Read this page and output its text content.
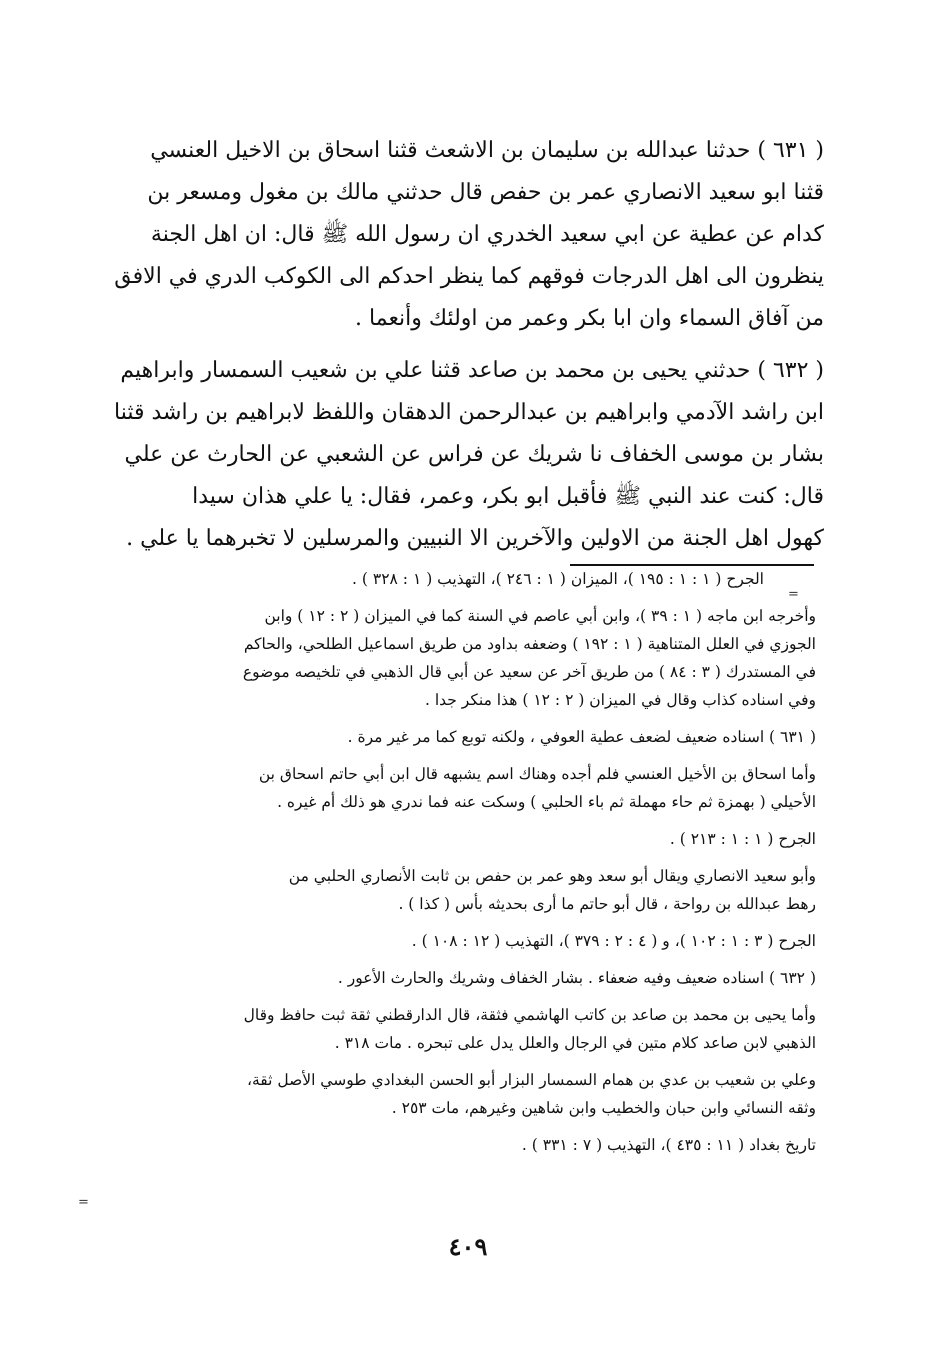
( ٦٣١ ) حدثنا عبدالله بن سليمان بن الاشعث قثنا اسحاق بن الاخيل العنسي
قثنا ابو سعيد الانصاري عمر بن حفص قال حدثني مالك بن مغول ومسعر بن
كدام عن عطية عن ابي سعيد الخدري ان رسول الله ﷺ قال: ان اهل الجنة
ينظرون الى اهل الدرجات فوقهم كما ينظر احدكم الى الكوكب الدري في الافق
من آفاق السماء وان ابا بكر وعمر من اولئك وأنعما .
( ٦٣٢ ) حدثني يحيى بن محمد بن صاعد قثنا علي بن شعيب السمسار وابراهيم
ابن راشد الآدمي وابراهيم بن عبدالرحمن الدهقان واللفظ لابراهيم بن راشد قثنا
بشار بن موسى الخفاف نا شريك عن فراس عن الشعبي عن الحارث عن علي
قال: كنت عند النبي ﷺ فأقبل ابو بكر، وعمر، فقال: يا علي هذان سيدا
كهول اهل الجنة من الاولين والآخرين الا النبيين والمرسلين لا تخبرهما يا علي .
=
=
الجرح ( ١ : ١ : ١٩٥ )، الميزان ( ١ : ٢٤٦ )، التهذيب ( ١ : ٣٢٨ ) .
وأخرجه ابن ماجه ( ١ : ٣٩ )، وابن أبي عاصم في السنة كما في الميزان ( ٢ : ١٢ ) وابن
الجوزي في العلل المتناهية ( ١ : ١٩٢ ) وضعفه بداود من طريق اسماعيل الطلحي، والحاكم
في المستدرك ( ٣ : ٨٤ ) من طريق آخر عن سعيد عن أبي قال الذهبي في تلخيصه موضوع
وفي اسناده كذاب وقال في الميزان ( ٢ : ١٢ ) هذا منكر جدا .
( ٦٣١ ) اسناده ضعيف لضعف عطية العوفي ، ولكنه توبع كما مر غير مرة .
وأما اسحاق بن الأخيل العنسي فلم أجده وهناك اسم يشبهه قال ابن أبي حاتم اسحاق بن
الأحيلي ( بهمزة ثم حاء مهملة ثم باء الحلبي ) وسكت عنه فما ندري هو ذلك أم غيره .
الجرح ( ١ : ١ : ٢١٣ ) .
وأبو سعيد الانصاري ويقال أبو سعد وهو عمر بن حفص بن ثابت الأنصاري الحلبي من
رهط عبدالله بن رواحة ، قال أبو حاتم ما أرى بحديثه بأس ( كذا ) .
الجرح ( ٣ : ١ : ١٠٢ )، و ( ٤ : ٢ : ٣٧٩ )، التهذيب ( ١٢ : ١٠٨ ) .
( ٦٣٢ ) اسناده ضعيف وفيه ضعفاء . بشار الخفاف وشريك والحارث الأعور .
وأما يحيى بن محمد بن صاعد بن كاتب الهاشمي فثقة، قال الدارقطني ثقة ثبت حافظ وقال
الذهبي لابن صاعد كلام متين في الرجال والعلل يدل على تبحره . مات ٣١٨ .
وعلي بن شعيب بن عدي بن همام السمسار البزار أبو الحسن البغدادي طوسي الأصل ثقة،
وثقه النسائي وابن حبان والخطيب وابن شاهين وغيرهم، مات ٢٥٣ .
تاريخ بغداد ( ١١ : ٤٣٥ )، التهذيب ( ٧ : ٣٣١ ) .
٤٠٩
